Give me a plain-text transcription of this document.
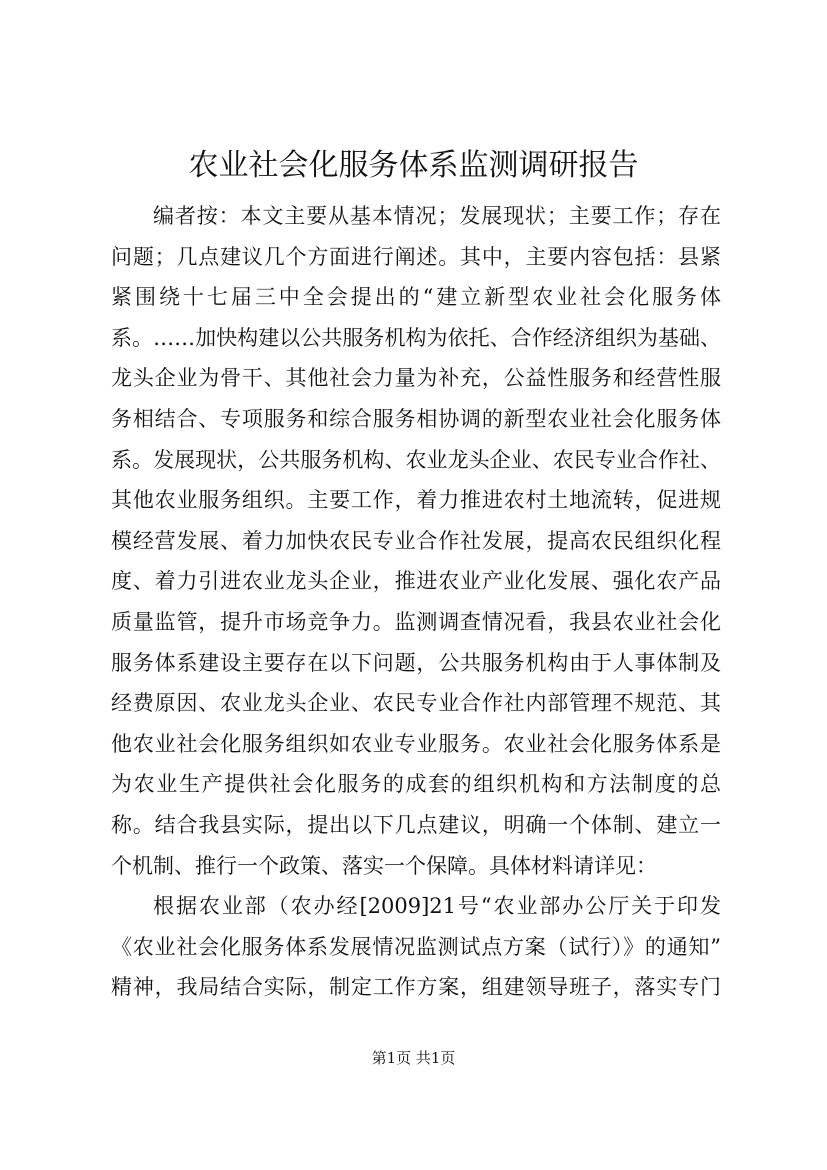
农业社会化服务体系监测调研报告
编者按：本文主要从基本情况；发展现状；主要工作；存在
问题；几点建议几个方面进行阐述。其中，主要内容包括：县紧
紧围绕十七届三中全会提出的“建立新型农业社会化服务体
系。……加快构建以公共服务机构为依托、合作经济组织为基础、
龙头企业为骨干、其他社会力量为补充，公益性服务和经营性服
务相结合、专项服务和综合服务相协调的新型农业社会化服务体
系。发展现状，公共服务机构、农业龙头企业、农民专业合作社、
其他农业服务组织。主要工作，着力推进农村土地流转，促进规
模经营发展、着力加快农民专业合作社发展，提高农民组织化程
度、着力引进农业龙头企业，推进农业产业化发展、强化农产品
质量监管，提升市场竞争力。监测调查情况看，我县农业社会化
服务体系建设主要存在以下问题，公共服务机构由于人事体制及
经费原因、农业龙头企业、农民专业合作社内部管理不规范、其
他农业社会化服务组织如农业专业服务。农业社会化服务体系是
为农业生产提供社会化服务的成套的组织机构和方法制度的总
称。结合我县实际，提出以下几点建议，明确一个体制、建立一
个机制、推行一个政策、落实一个保障。具体材料请详见：
根据农业部（农办经[2009]21号“农业部办公厅关于印发
《农业社会化服务体系发展情况监测试点方案（试行）》的通知”
精神，我局结合实际，制定工作方案，组建领导班子，落实专门
第1页 共1页
